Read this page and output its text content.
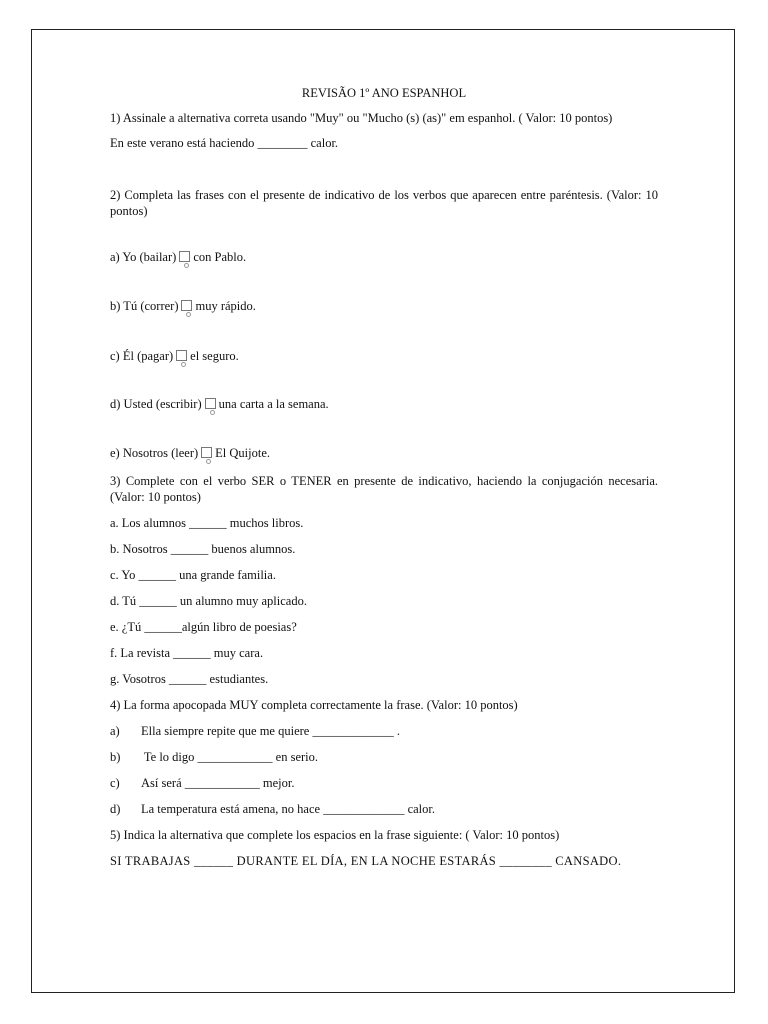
REVISÃO 1º ANO ESPANHOL

1) Assinale a alternativa correta usando "Muy" ou "Mucho (s) (as)" em espanhol. ( Valor: 10 pontos)

En este verano está haciendo ________ calor.

2) Completa las frases con el presente de indicativo de los verbos que aparecen entre paréntesis. (Valor: 10 pontos)

a) Yo (bailar) con Pablo.

b) Tú (correr) muy rápido.

c) Él (pagar) el seguro.

d) Usted (escribir) una carta a la semana.

e) Nosotros (leer) El Quijote.

3) Complete con el verbo SER o TENER en presente de indicativo, haciendo la conjugación necesaria. (Valor: 10 pontos)

a. Los alumnos ______ muchos libros.

b. Nosotros ______ buenos alumnos.

c. Yo ______ una grande familia.

d. Tú ______ un alumno muy aplicado.

e. ¿Tú ______algún libro de poesias?

f. La revista ______ muy cara.

g. Vosotros ______ estudiantes.

4) La forma apocopada MUY completa correctamente la frase. (Valor: 10 pontos)

a) Ella siempre repite que me quiere _____________ .

b) Te lo digo ____________ en serio.

c) Así será ____________ mejor.

d) La temperatura está amena, no hace _____________ calor.

5) Indica la alternativa que complete los espacios en la frase siguiente: ( Valor: 10 pontos)

SI TRABAJAS ______ DURANTE EL DÍA, EN LA NOCHE ESTARÁS ________ CANSADO.
